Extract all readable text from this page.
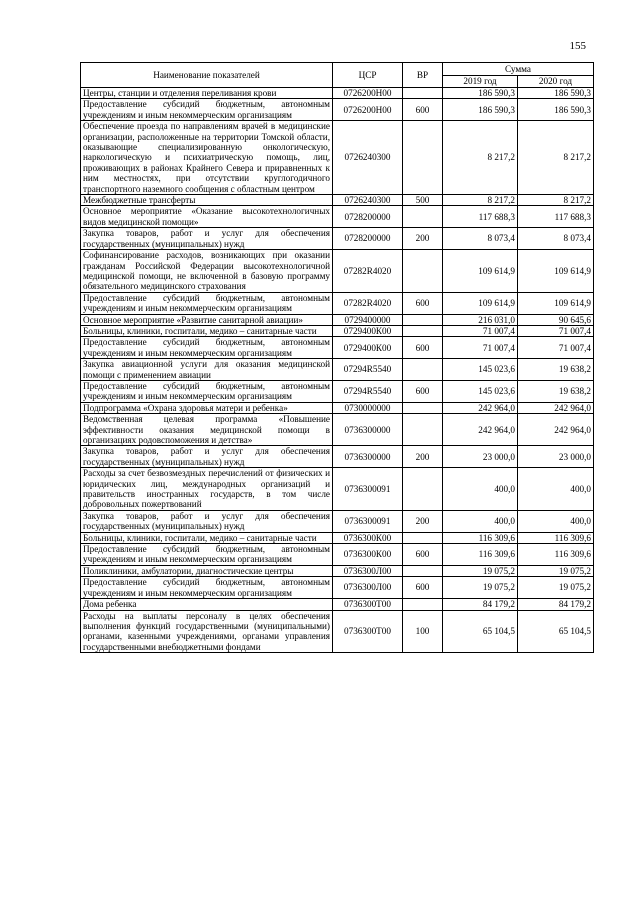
155
Наименование показателей	ЦСР	ВР	Сумма	
			2019 год	2020 год
Центры, станции и отделения переливания крови	0726200Н00		186 590,3	186 590,3
Предоставление субсидий бюджетным, автономным учреждениям и иным некоммерческим организациям	0726200Н00	600	186 590,3	186 590,3
Обеспечение проезда по направлениям врачей в медицинские организации, расположенные на территории Томской области, оказывающие специализированную онкологическую, наркологическую и психиатрическую помощь, лиц, проживающих в районах Крайнего Севера и приравненных к ним местностях, при отсутствии круглогодичного транспортного наземного сообщения с областным центром	0726240300		8 217,2	8 217,2
Межбюджетные трансферты	0726240300	500	8 217,2	8 217,2
Основное мероприятие «Оказание высокотехнологичных видов медицинской помощи»	0728200000		117 688,3	117 688,3
Закупка товаров, работ и услуг для обеспечения государственных (муниципальных) нужд	0728200000	200	8 073,4	8 073,4
Софинансирование расходов, возникающих при оказании гражданам Российской Федерации высокотехнологичной медицинской помощи, не включенной в базовую программу обязательного медицинского страхования	07282R4020		109 614,9	109 614,9
Предоставление субсидий бюджетным, автономным учреждениям и иным некоммерческим организациям	07282R4020	600	109 614,9	109 614,9
Основное мероприятие «Развитие санитарной авиации»	0729400000		216 031,0	90 645,6
Больницы, клиники, госпитали, медико – санитарные части	0729400К00		71 007,4	71 007,4
Предоставление субсидий бюджетным, автономным учреждениям и иным некоммерческим организациям	0729400К00	600	71 007,4	71 007,4
Закупка авиационной услуги для оказания медицинской помощи с применением авиации	07294R5540		145 023,6	19 638,2
Предоставление субсидий бюджетным, автономным учреждениям и иным некоммерческим организациям	07294R5540	600	145 023,6	19 638,2
Подпрограмма «Охрана здоровья матери и ребенка»	0730000000		242 964,0	242 964,0
Ведомственная целевая программа «Повышение эффективности оказания медицинской помощи в организациях родовспоможения и детства»	0736300000		242 964,0	242 964,0
Закупка товаров, работ и услуг для обеспечения государственных (муниципальных) нужд	0736300000	200	23 000,0	23 000,0
Расходы за счет безвозмездных перечислений от физических и юридических лиц, международных организаций и правительств иностранных государств, в том числе добровольных пожертвований	0736300091		400,0	400,0
Закупка товаров, работ и услуг для обеспечения государственных (муниципальных) нужд	0736300091	200	400,0	400,0
Больницы, клиники, госпитали, медико – санитарные части	0736300К00		116 309,6	116 309,6
Предоставление субсидий бюджетным, автономным учреждениям и иным некоммерческим организациям	0736300К00	600	116 309,6	116 309,6
Поликлиники, амбулатории, диагностические центры	0736300Л00		19 075,2	19 075,2
Предоставление субсидий бюджетным, автономным учреждениям и иным некоммерческим организациям	0736300Л00	600	19 075,2	19 075,2
Дома ребенка	0736300Т00		84 179,2	84 179,2
Расходы на выплаты персоналу в целях обеспечения выполнения функций государственными (муниципальными) органами, казенными учреждениями, органами управления государственными внебюджетными фондами	0736300Т00	100	65 104,5	65 104,5
